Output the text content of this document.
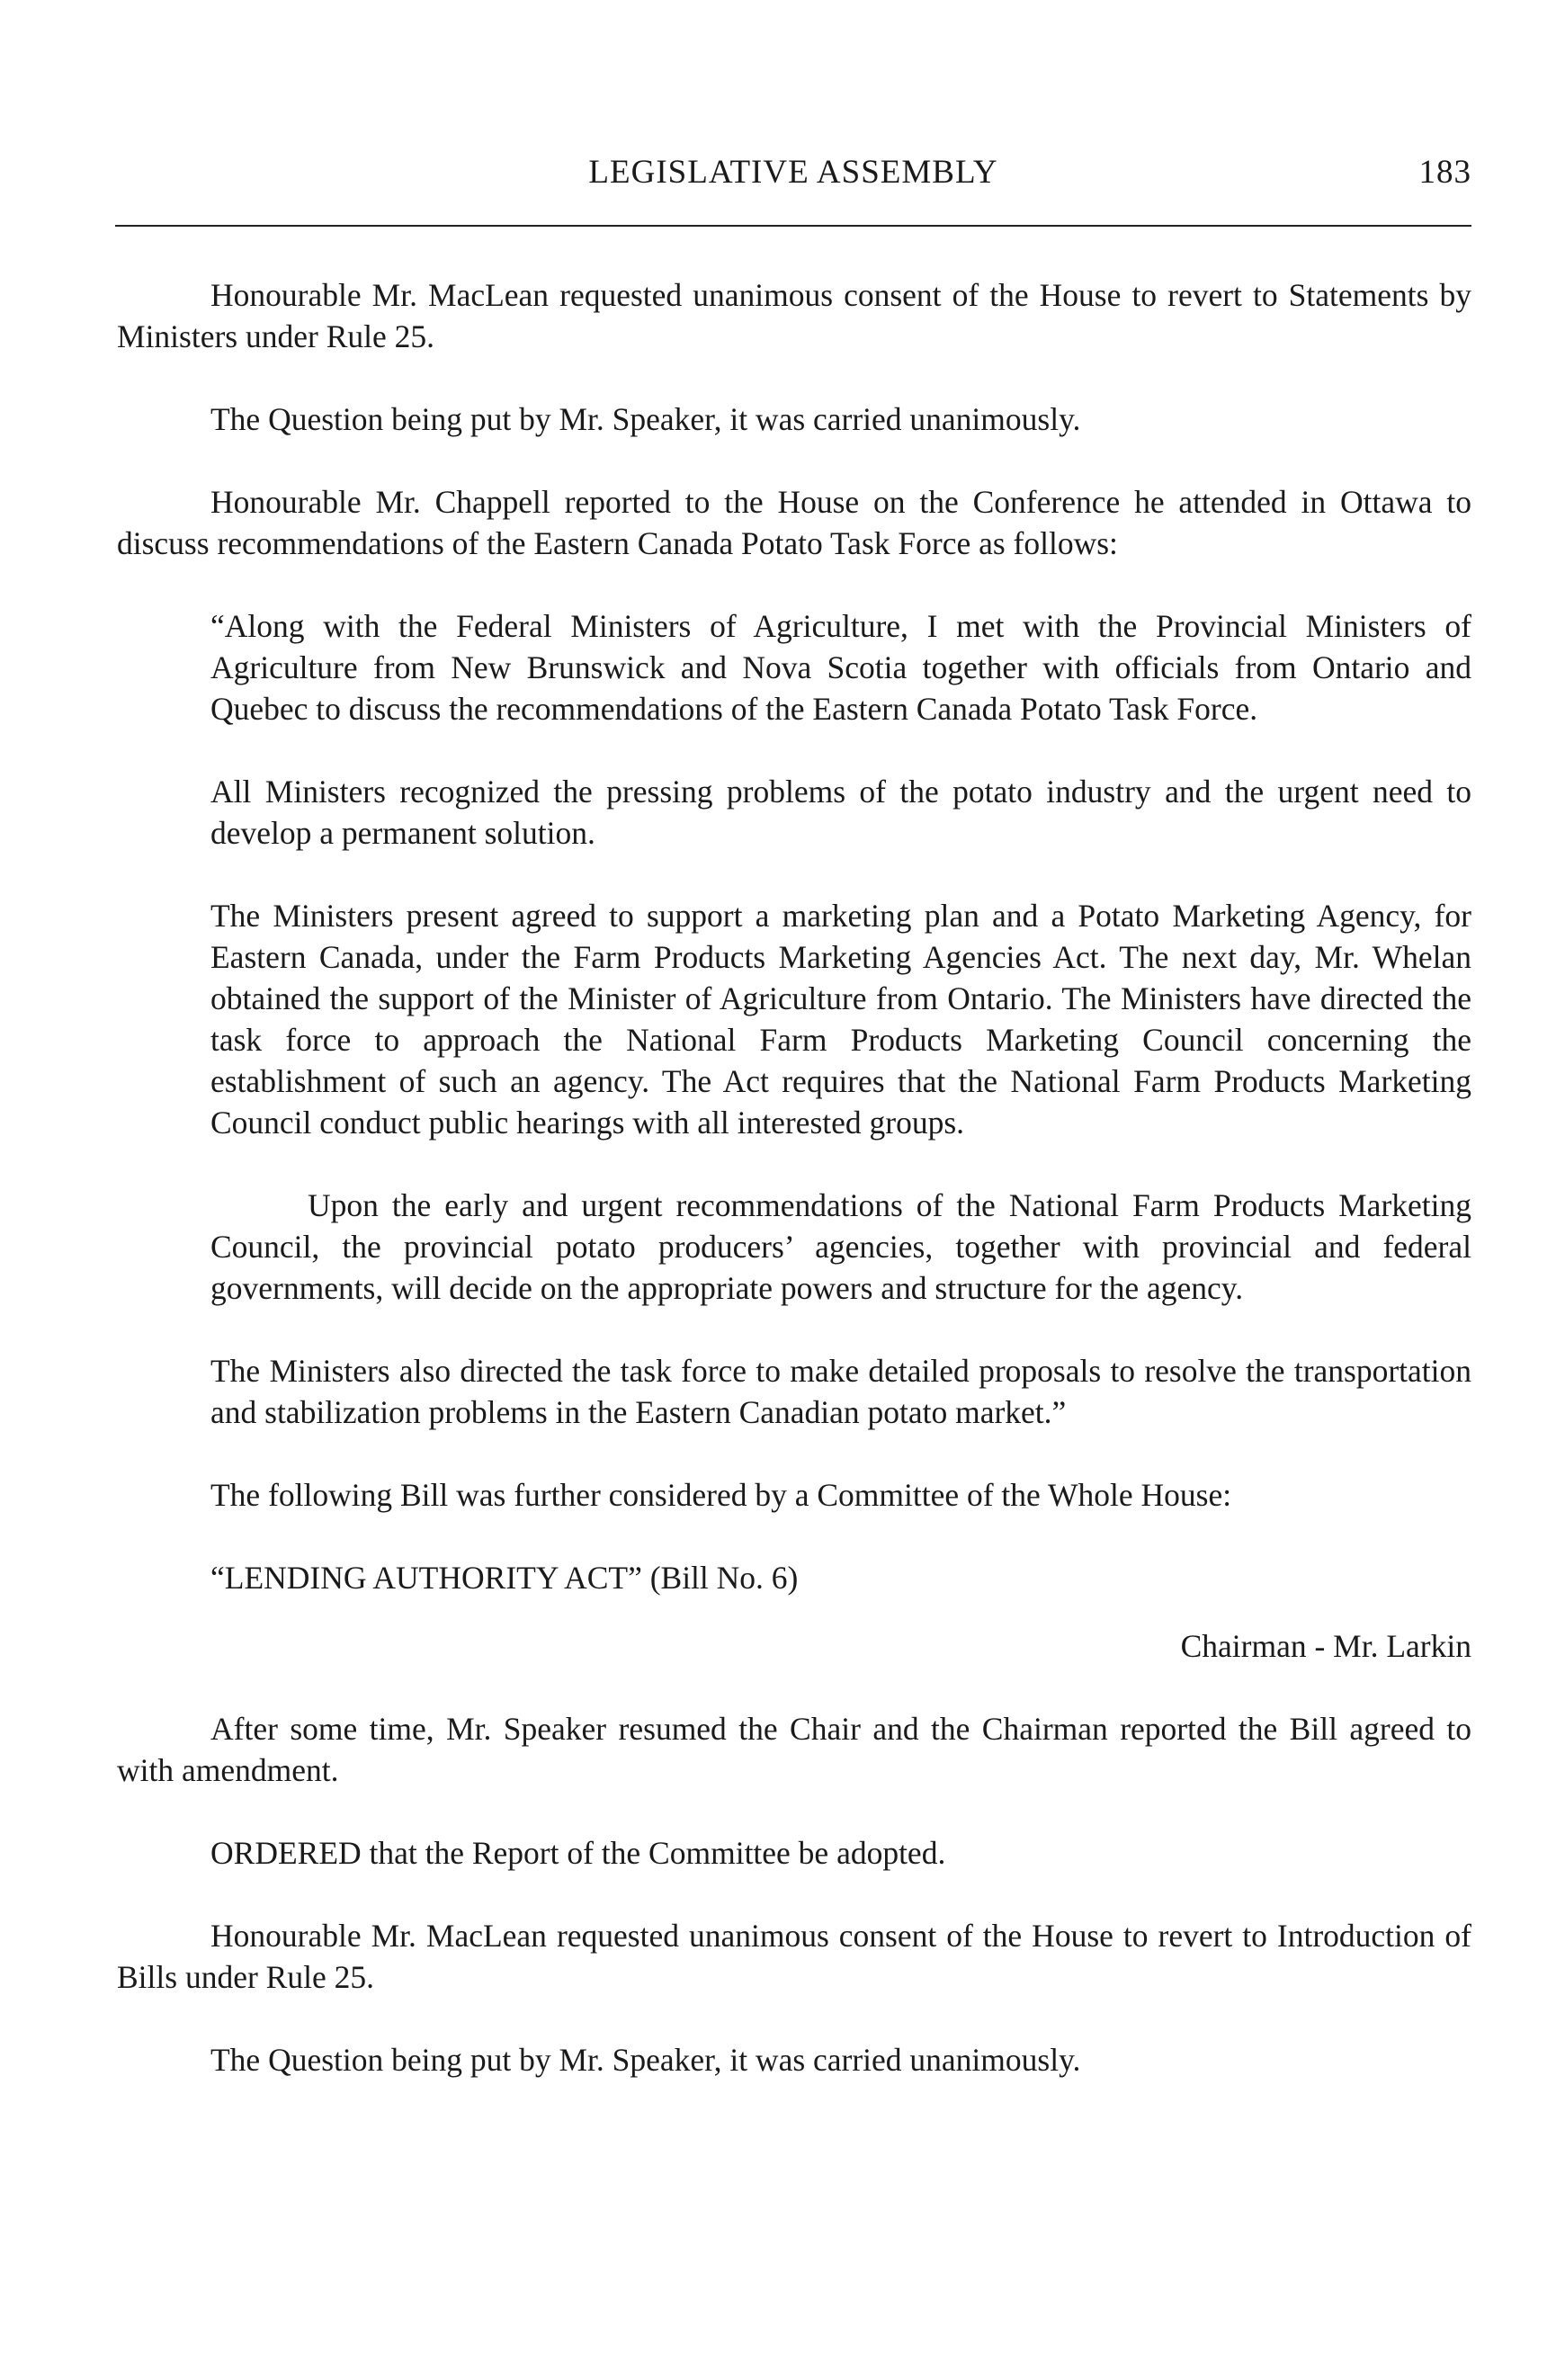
LEGISLATIVE ASSEMBLY	183

Honourable Mr. MacLean requested unanimous consent of the House to revert to Statements by Ministers under Rule 25.

The Question being put by Mr. Speaker, it was carried unanimously.

Honourable Mr. Chappell reported to the House on the Conference he attended in Ottawa to discuss recommendations of the Eastern Canada Potato Task Force as follows:

“Along with the Federal Ministers of Agriculture, I met with the Provincial Ministers of Agriculture from New Brunswick and Nova Scotia together with officials from Ontario and Quebec to discuss the recommendations of the Eastern Canada Potato Task Force.

All Ministers recognized the pressing problems of the potato industry and the urgent need to develop a permanent solution.

The Ministers present agreed to support a marketing plan and a Potato Marketing Agency, for Eastern Canada, under the Farm Products Marketing Agencies Act. The next day, Mr. Whelan obtained the support of the Minister of Agriculture from Ontario. The Ministers have directed the task force to approach the National Farm Products Marketing Council concerning the establishment of such an agency. The Act requires that the National Farm Products Marketing Council conduct public hearings with all interested groups.

Upon the early and urgent recommendations of the National Farm Products Marketing Council, the provincial potato producers’ agencies, together with provincial and federal governments, will decide on the appropriate powers and structure for the agency.

The Ministers also directed the task force to make detailed proposals to resolve the transportation and stabilization problems in the Eastern Canadian potato market.”

The following Bill was further considered by a Committee of the Whole House:

“LENDING AUTHORITY ACT” (Bill No. 6)
Chairman - Mr. Larkin

After some time, Mr. Speaker resumed the Chair and the Chairman reported the Bill agreed to with amendment.

ORDERED that the Report of the Committee be adopted.

Honourable Mr. MacLean requested unanimous consent of the House to revert to Introduction of Bills under Rule 25.

The Question being put by Mr. Speaker, it was carried unanimously.
